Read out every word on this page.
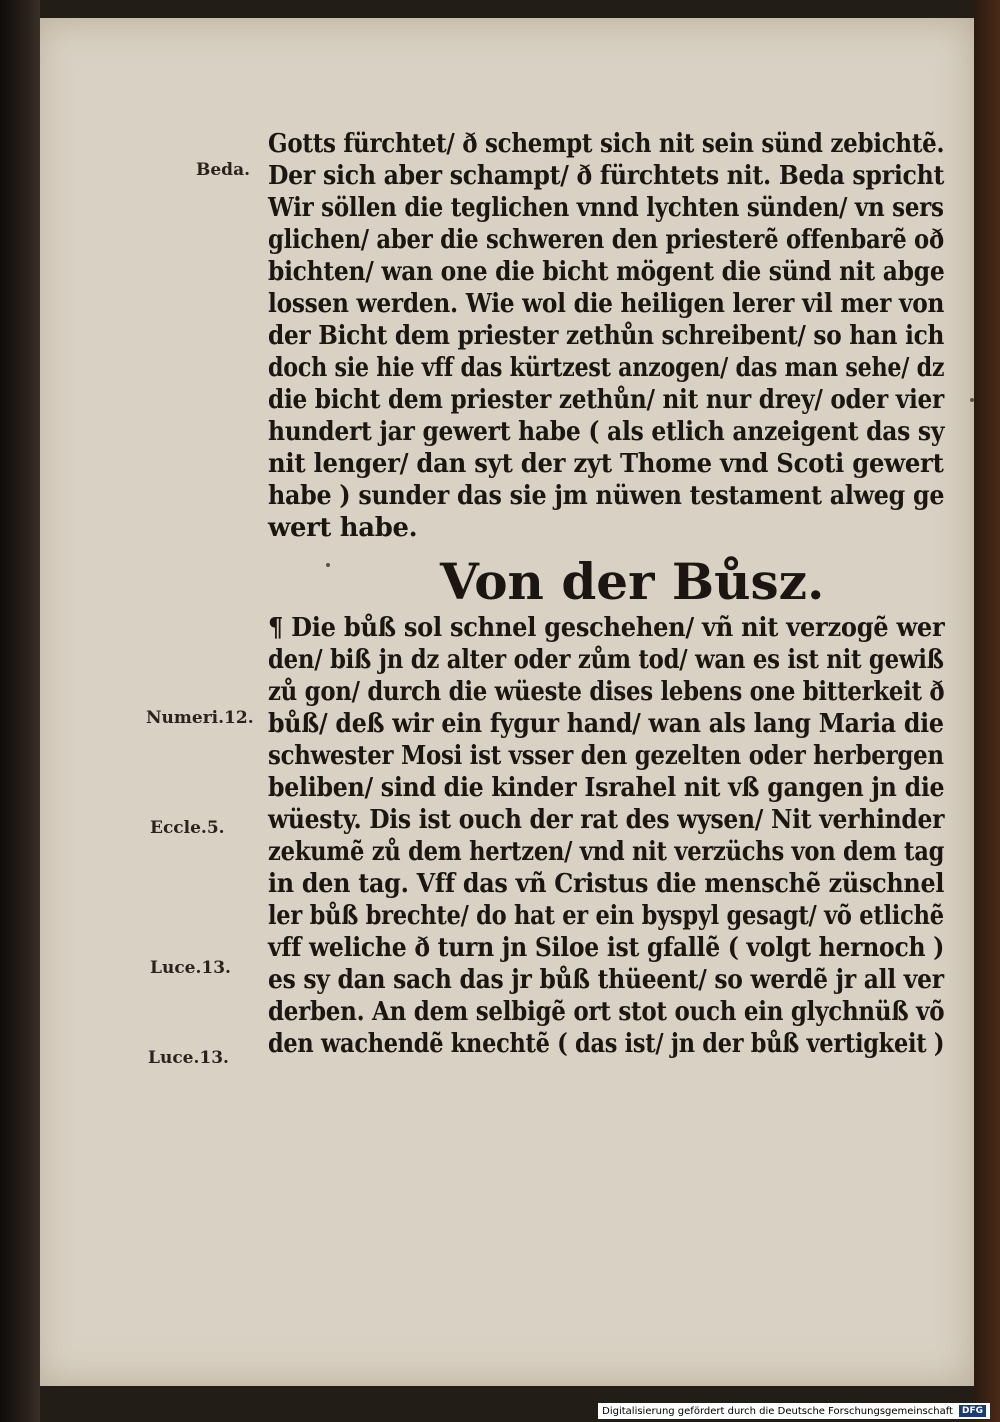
Gotts fürchtet/ ð schempt sich nit sein sünd zebichtẽ.
Der sich aber schampt/ ð fürchtets nit. Beda spricht
Wir söllen die teglichen vnnd lychten sünden/ vn sers
glichen/ aber die schweren den priesterẽ offenbarẽ oð
bichten/ wan one die bicht mögent die sünd nit abge
lossen werden. Wie wol die heiligen lerer vil mer von
der Bicht dem priester zethůn schreibent/ so han ich
doch sie hie vff das kürtzest anzogen/ das man sehe/ dz
die bicht dem priester zethůn/ nit nur drey/ oder vier
hundert jar gewert habe ( als etlich anzeigent das sy
nit lenger/ dan syt der zyt Thome vnd Scoti gewert
habe ) sunder das sie jm nüwen testament alweg ge
wert habe.
Von der Bůsz.
¶ Die bůß sol schnel geschehen/ vñ nit verzogẽ wer
den/ biß jn dz alter oder zům tod/ wan es ist nit gewiß
zů gon/ durch die wüeste dises lebens one bitterkeit ð
bůß/ deß wir ein fygur hand/ wan als lang Maria die
schwester Mosi ist vsser den gezelten oder herbergen
beliben/ sind die kinder Israhel nit vß gangen jn die
wüesty. Dis ist ouch der rat des wysen/ Nit verhinder
zekumẽ zů dem hertzen/ vnd nit verzüchs von dem tag
in den tag. Vff das vñ Cristus die menschẽ züschnel
ler bůß brechte/ do hat er ein byspyl gesagt/ võ etlichẽ
vff weliche ð turn jn Siloe ist gfallẽ ( volgt hernoch )
es sy dan sach das jr bůß thüeent/ so werdẽ jr all ver
derben. An dem selbigẽ ort stot ouch ein glychnüß võ
den wachendẽ knechtẽ ( das ist/ jn der bůß vertigkeit )
Beda.
Numeri.12.
Eccle.5.
Luce.13.
Luce.13.
Digitalisierung gefördert durch die Deutsche Forschungsgemeinschaft	DFG
